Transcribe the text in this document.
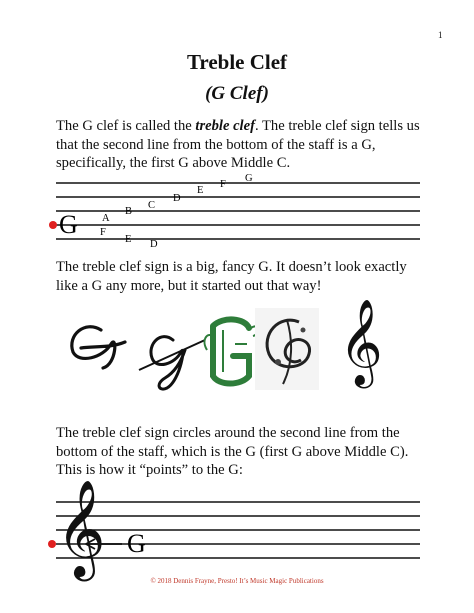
1
Treble Clef
(G Clef)
The G clef is called the treble clef. The treble clef sign tells us that the second line from the bottom of the staff is a G, specifically, the first G above Middle C.
G F
A
E
B
D
C
D
E
F
G
The treble clef sign is a big, fancy G. It doesn’t look exactly like a G any more, but it started out that way!
𝄞
The treble clef sign circles around the second line from the bottom of the staff, which is the G (first G above Middle C). This is how it “points” to the G:
G
𝄞
© 2018 Dennis Frayne, Presto! It’s Music Magic Publications
